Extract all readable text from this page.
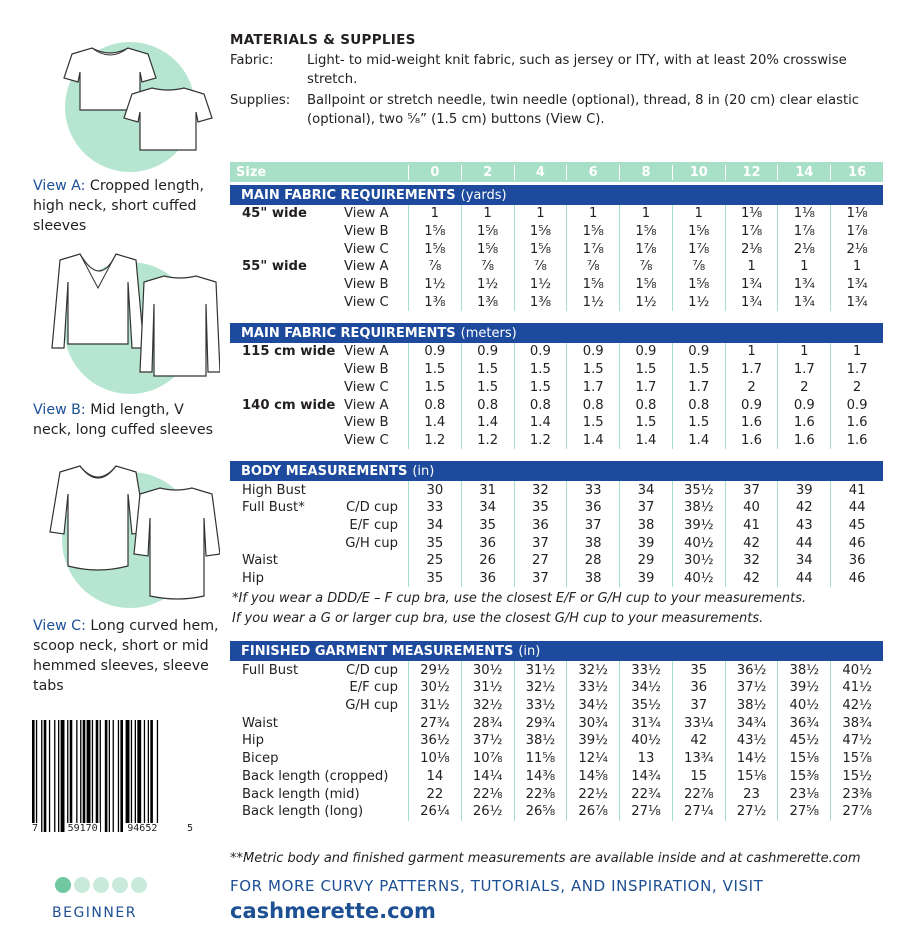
View A: Cropped length, high neck, short cuffed sleeves
View B: Mid length, V neck, long cuffed sleeves
View C: Long curved hem, scoop neck, short or mid hemmed sleeves, sleeve tabs
7	59170	94652	5
BEGINNER
MATERIALS & SUPPLIES
Fabric:	Light- to mid-weight knit fabric, such as jersey or ITY, with at least 20% crosswise stretch.
Supplies:	Ballpoint or stretch needle, twin needle (optional), thread, 8 in (20 cm) clear elastic (optional), two ⁵⁄₈” (1.5 cm) buttons (View C).
Size	0	2	4	6	8	10	12	14	16
MAIN FABRIC REQUIREMENTS (yards)
45" wide	View A	1	1	1	1	1	1	1⅛	1⅛	1⅛
View B	1⅝	1⅝	1⅝	1⅝	1⅝	1⅝	1⅞	1⅞	1⅞
View C	1⅝	1⅝	1⅝	1⅞	1⅞	1⅞	2⅛	2⅛	2⅛
55" wide	View A	⅞	⅞	⅞	⅞	⅞	⅞	1	1	1
View B	1½	1½	1½	1⅝	1⅝	1⅝	1¾	1¾	1¾
View C	1⅜	1⅜	1⅜	1½	1½	1½	1¾	1¾	1¾
MAIN FABRIC REQUIREMENTS (meters)
115 cm wide View A	0.9	0.9	0.9	0.9	0.9	0.9	1	1	1
View B	1.5	1.5	1.5	1.5	1.5	1.5	1.7	1.7	1.7
View C	1.5	1.5	1.5	1.7	1.7	1.7	2	2	2
140 cm wide View A	0.8	0.8	0.8	0.8	0.8	0.8	0.9	0.9	0.9
View B	1.4	1.4	1.4	1.5	1.5	1.5	1.6	1.6	1.6
View C	1.2	1.2	1.2	1.4	1.4	1.4	1.6	1.6	1.6
BODY MEASUREMENTS (in)
High Bust	30	31	32	33	34	35½	37	39	41
Full Bust*	C/D cup	33	34	35	36	37	38½	40	42	44
E/F cup	34	35	36	37	38	39½	41	43	45
G/H cup	35	36	37	38	39	40½	42	44	46
Waist	25	26	27	28	29	30½	32	34	36
Hip	35	36	37	38	39	40½	42	44	46
*If you wear a DDD/E – F cup bra, use the closest E/F or G/H cup to your measurements.
If you wear a G or larger cup bra, use the closest G/H cup to your measurements.
FINISHED GARMENT MEASUREMENTS (in)
Full Bust	C/D cup	29½	30½	31½	32½	33½	35	36½	38½	40½
E/F cup	30½	31½	32½	33½	34½	36	37½	39½	41½
G/H cup	31½	32½	33½	34½	35½	37	38½	40½	42½
Waist	27¾	28¾	29¾	30¾	31¾	33¼	34¾	36¾	38¾
Hip	36½	37½	38½	39½	40½	42	43½	45½	47½
Bicep	10⅛	10⅞	11⅝	12¼	13	13¾	14½	15⅛	15⅞
Back length (cropped)	14	14¼	14⅜	14⅝	14¾	15	15⅛	15⅜	15½
Back length (mid)	22	22⅛	22⅜	22½	22¾	22⅞	23	23⅛	23⅜
Back length (long)	26¼	26½	26⅝	26⅞	27⅛	27¼	27½	27⅝	27⅞
**Metric body and finished garment measurements are available inside and at cashmerette.com
FOR MORE CURVY PATTERNS, TUTORIALS, AND INSPIRATION, VISIT
cashmerette.com
